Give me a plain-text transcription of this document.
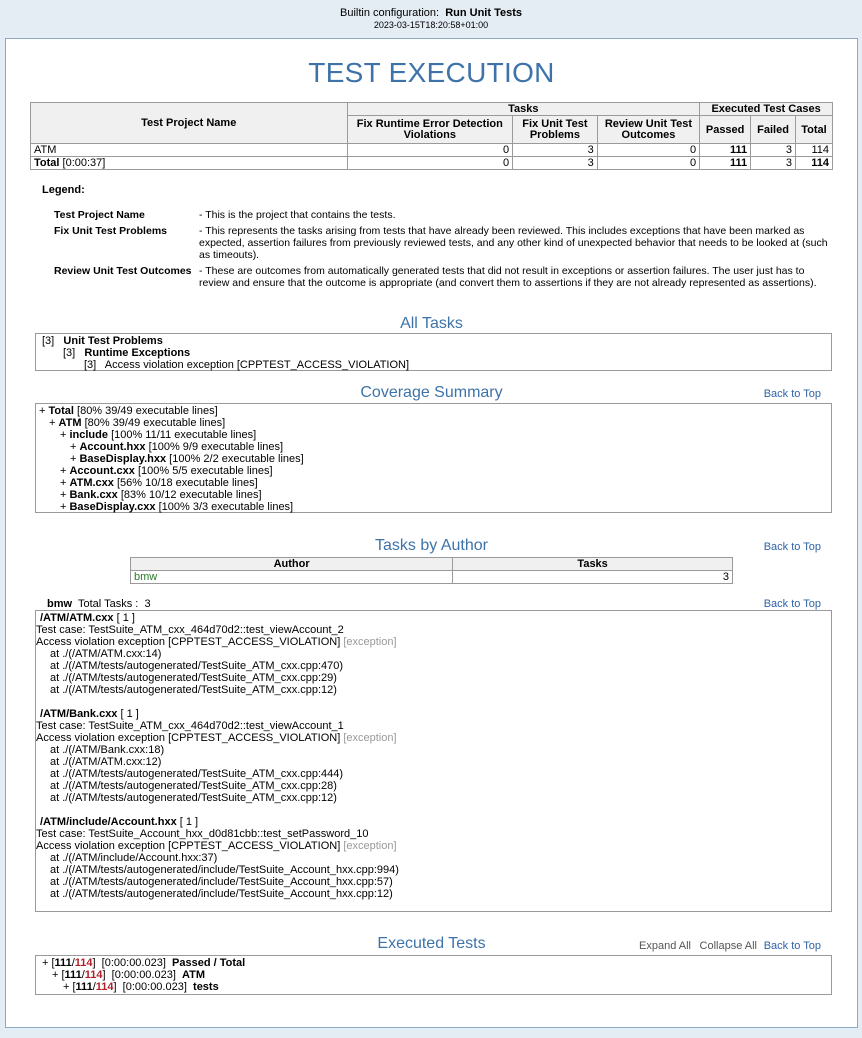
Builtin configuration: Run Unit Tests
2023-03-15T18:20:58+01:00
TEST EXECUTION
Test Project Name	Tasks			Executed Test Cases		
	Fix Runtime Error Detection Violations	Fix Unit Test Problems	Review Unit Test Outcomes	Passed	Failed	Total
ATM	0	3	0	111	3	114
Total [0:00:37]	0	3	0	111	3	114
Legend:
Test Project Name	- This is the project that contains the tests.
Fix Unit Test Problems	- This represents the tasks arising from tests that have already been reviewed. This includes exceptions that have been marked as expected, assertion failures from previously reviewed tests, and any other kind of unexpected behavior that needs to be looked at (such as timeouts).
Review Unit Test Outcomes - These are outcomes from automatically generated tests that did not result in exceptions or assertion failures. The user just has to review and ensure that the outcome is appropriate (and convert them to assertions if they are not already represented as assertions).
All Tasks
[3] Unit Test Problems
[3] Runtime Exceptions
[3] Access violation exception [CPPTEST_ACCESS_VIOLATION]
Coverage Summary	Back to Top
+ Total [80% 39/49 executable lines]
+ ATM [80% 39/49 executable lines]
+ include [100% 11/11 executable lines]
+ Account.hxx [100% 9/9 executable lines]
+ BaseDisplay.hxx [100% 2/2 executable lines]
+ Account.cxx [100% 5/5 executable lines]
+ ATM.cxx [56% 10/18 executable lines]
+ Bank.cxx [83% 10/12 executable lines]
+ BaseDisplay.cxx [100% 3/3 executable lines]
Tasks by Author	Back to Top
Author	Tasks
bmw	3
bmw Total Tasks : 3	Back to Top
/ATM/ATM.cxx [ 1 ]
Test case: TestSuite_ATM_cxx_464d70d2::test_viewAccount_2
Access violation exception [CPPTEST_ACCESS_VIOLATION] [exception]
at ./(/ATM/ATM.cxx:14)
at ./(/ATM/tests/autogenerated/TestSuite_ATM_cxx.cpp:470)
at ./(/ATM/tests/autogenerated/TestSuite_ATM_cxx.cpp:29)
at ./(/ATM/tests/autogenerated/TestSuite_ATM_cxx.cpp:12)
/ATM/Bank.cxx [ 1 ]
Test case: TestSuite_ATM_cxx_464d70d2::test_viewAccount_1
Access violation exception [CPPTEST_ACCESS_VIOLATION] [exception]
at ./(/ATM/Bank.cxx:18)
at ./(/ATM/ATM.cxx:12)
at ./(/ATM/tests/autogenerated/TestSuite_ATM_cxx.cpp:444)
at ./(/ATM/tests/autogenerated/TestSuite_ATM_cxx.cpp:28)
at ./(/ATM/tests/autogenerated/TestSuite_ATM_cxx.cpp:12)
/ATM/include/Account.hxx [ 1 ]
Test case: TestSuite_Account_hxx_d0d81cbb::test_setPassword_10
Access violation exception [CPPTEST_ACCESS_VIOLATION] [exception]
at ./(/ATM/include/Account.hxx:37)
at ./(/ATM/tests/autogenerated/include/TestSuite_Account_hxx.cpp:994)
at ./(/ATM/tests/autogenerated/include/TestSuite_Account_hxx.cpp:57)
at ./(/ATM/tests/autogenerated/include/TestSuite_Account_hxx.cpp:12)
Executed Tests	Expand All Collapse All Back to Top
+ [111/114]  [0:00:00.023] Passed / Total
+ [111/114]  [0:00:00.023] ATM
+ [111/114]  [0:00:00.023] tests
